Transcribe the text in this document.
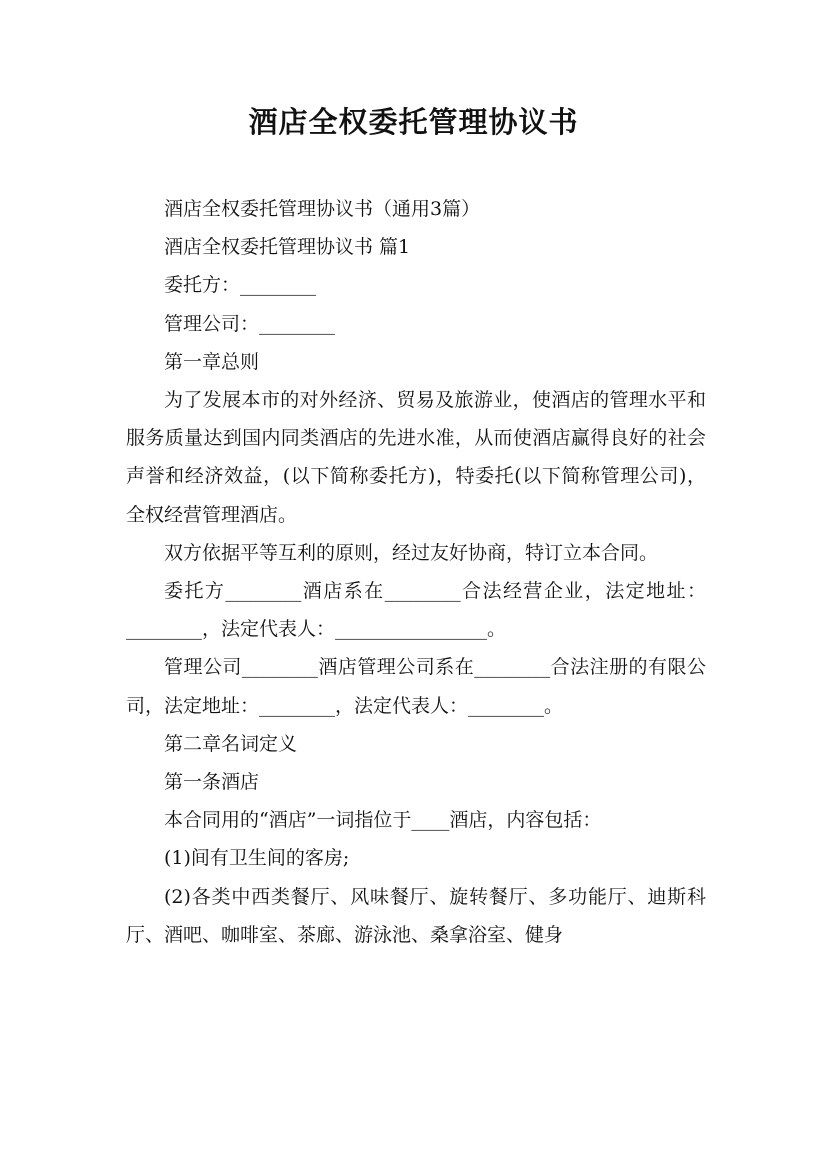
酒店全权委托管理协议书

酒店全权委托管理协议书（通用3篇）

酒店全权委托管理协议书 篇1

委托方：________

管理公司：________

第一章总则

为了发展本市的对外经济、贸易及旅游业，使酒店的管理水平和服务质量达到国内同类酒店的先进水准，从而使酒店赢得良好的社会声誉和经济效益，(以下简称委托方)，特委托(以下简称管理公司)，全权经营管理酒店。

双方依据平等互利的原则，经过友好协商，特订立本合同。

委托方________酒店系在________合法经营企业，法定地址：________，法定代表人：________________。

管理公司________酒店管理公司系在________合法注册的有限公司，法定地址：________，法定代表人：________。

第二章名词定义

第一条酒店

本合同用的“酒店”一词指位于____酒店，内容包括：

(1)间有卫生间的客房;

(2)各类中西类餐厅、风味餐厅、旋转餐厅、多功能厅、迪斯科厅、酒吧、咖啡室、茶廊、游泳池、桑拿浴室、健身
